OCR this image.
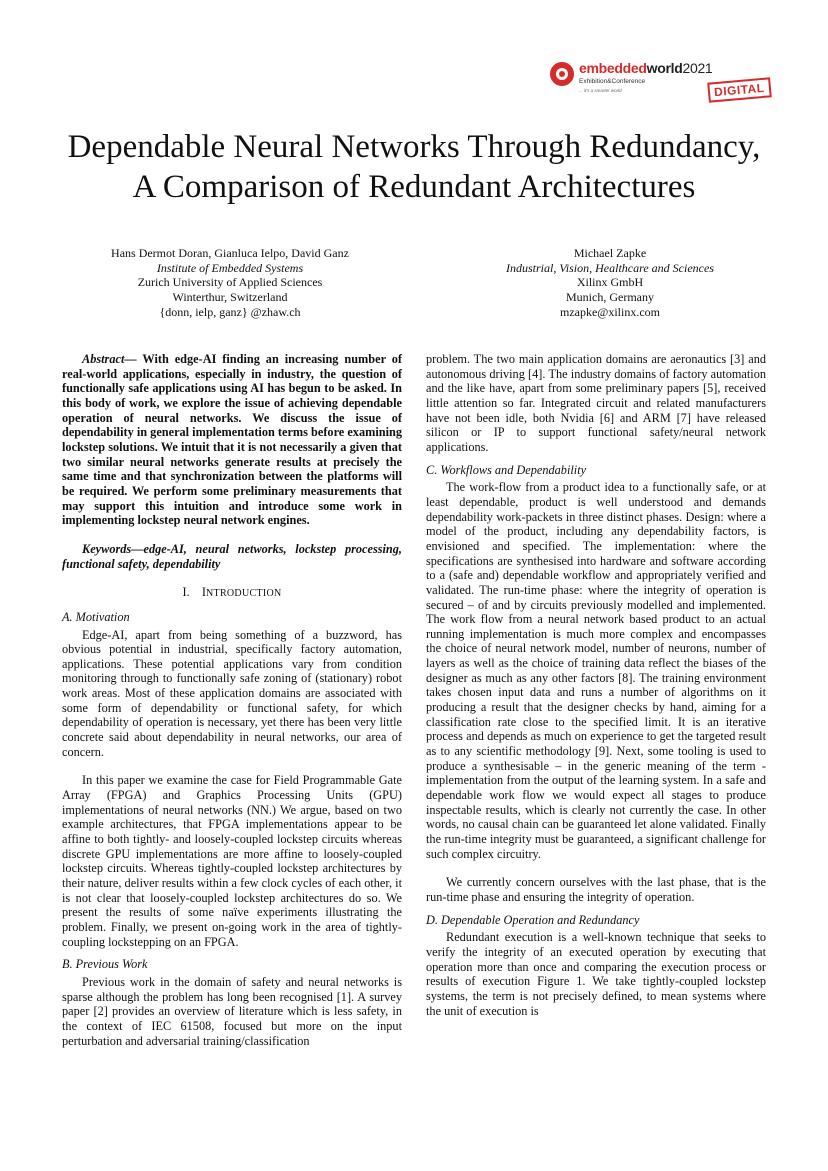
embeddedworld2021
Exhibition&Conference
... it's a smarter world	DIGITAL
Dependable Neural Networks Through Redundancy,
A Comparison of Redundant Architectures
Hans Dermot Doran, Gianluca Ielpo, David Ganz
Institute of Embedded Systems
Zurich University of Applied Sciences
Winterthur, Switzerland
{donn, ielp, ganz} @zhaw.ch
Michael Zapke
Industrial, Vision, Healthcare and Sciences
Xilinx GmbH
Munich, Germany
mzapke@xilinx.com

Abstract— With edge-AI finding an increasing number of real-world applications, especially in industry, the question of functionally safe applications using AI has begun to be asked. In this body of work, we explore the issue of achieving dependable operation of neural networks. We discuss the issue of dependability in general implementation terms before examining lockstep solutions. We intuit that it is not necessarily a given that two similar neural networks generate results at precisely the same time and that synchronization between the platforms will be required. We perform some preliminary measurements that may support this intuition and introduce some work in implementing lockstep neural network engines.

Keywords—edge-AI, neural networks, lockstep processing, functional safety, dependability

I. INTRODUCTION
A. Motivation

Edge-AI, apart from being something of a buzzword, has obvious potential in industrial, specifically factory automation, applications. These potential applications vary from condition monitoring through to functionally safe zoning of (stationary) robot work areas. Most of these application domains are associated with some form of dependability or functional safety, for which dependability of operation is necessary, yet there has been very little concrete said about dependability in neural networks, our area of concern.

In this paper we examine the case for Field Programmable Gate Array (FPGA) and Graphics Processing Units (GPU) implementations of neural networks (NN.) We argue, based on two example architectures, that FPGA implementations appear to be affine to both tightly- and loosely-coupled lockstep circuits whereas discrete GPU implementations are more affine to loosely-coupled lockstep circuits. Whereas tightly-coupled lockstep architectures by their nature, deliver results within a few clock cycles of each other, it is not clear that loosely-coupled lockstep architectures do so. We present the results of some naïve experiments illustrating the problem. Finally, we present on-going work in the area of tightly-coupling lockstepping on an FPGA.

B. Previous Work

Previous work in the domain of safety and neural networks is sparse although the problem has long been recognised [1]. A survey paper [2] provides an overview of literature which is less safety, in the context of IEC 61508, focused but more on the input perturbation and adversarial training/classification

problem. The two main application domains are aeronautics [3] and autonomous driving [4]. The industry domains of factory automation and the like have, apart from some preliminary papers [5], received little attention so far. Integrated circuit and related manufacturers have not been idle, both Nvidia [6] and ARM [7] have released silicon or IP to support functional safety/neural network applications.

C. Workflows and Dependability

The work-flow from a product idea to a functionally safe, or at least dependable, product is well understood and demands dependability work-packets in three distinct phases. Design: where a model of the product, including any dependability factors, is envisioned and specified. The implementation: where the specifications are synthesised into hardware and software according to a (safe and) dependable workflow and appropriately verified and validated. The run-time phase: where the integrity of operation is secured – of and by circuits previously modelled and implemented. The work flow from a neural network based product to an actual running implementation is much more complex and encompasses the choice of neural network model, number of neurons, number of layers as well as the choice of training data reflect the biases of the designer as much as any other factors [8]. The training environment takes chosen input data and runs a number of algorithms on it producing a result that the designer checks by hand, aiming for a classification rate close to the specified limit. It is an iterative process and depends as much on experience to get the targeted result as to any scientific methodology [9]. Next, some tooling is used to produce a synthesisable – in the generic meaning of the term - implementation from the output of the learning system. In a safe and dependable work flow we would expect all stages to produce inspectable results, which is clearly not currently the case. In other words, no causal chain can be guaranteed let alone validated. Finally the run-time integrity must be guaranteed, a significant challenge for such complex circuitry.

We currently concern ourselves with the last phase, that is the run-time phase and ensuring the integrity of operation.

D. Dependable Operation and Redundancy

Redundant execution is a well-known technique that seeks to verify the integrity of an executed operation by executing that operation more than once and comparing the execution process or results of execution Figure 1. We take tightly-coupled lockstep systems, the term is not precisely defined, to mean systems where the unit of execution is
